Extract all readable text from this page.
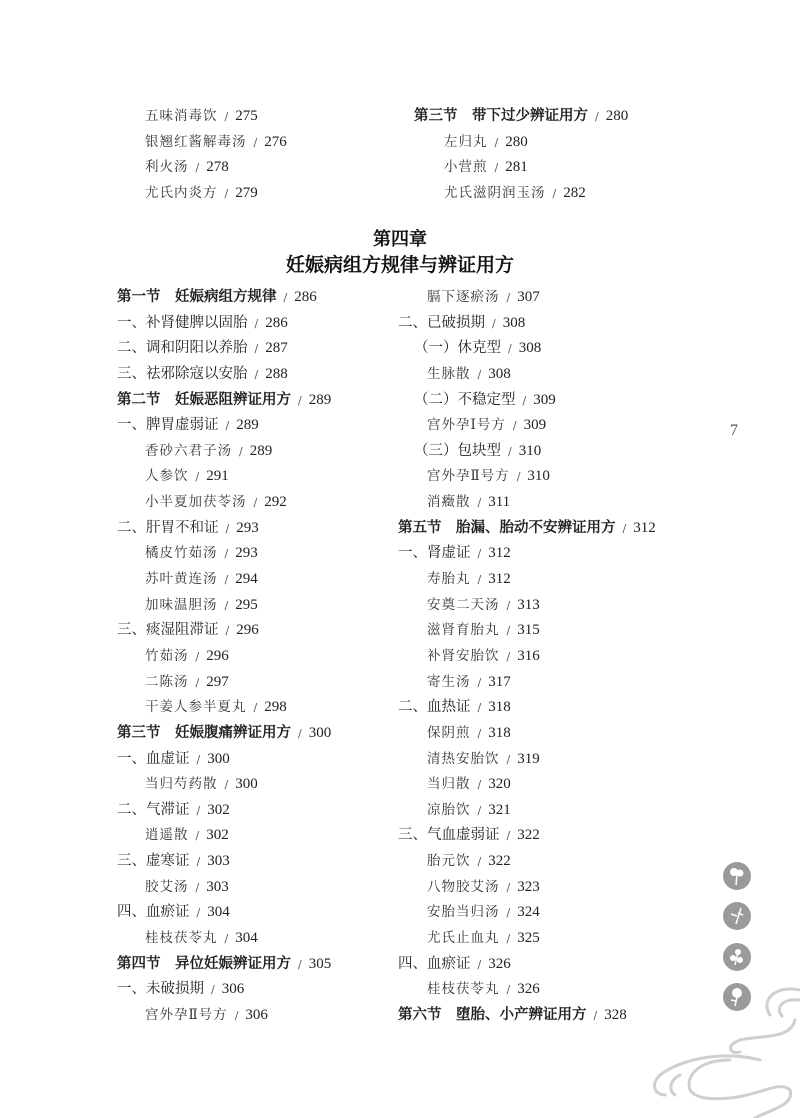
五味消毒饮 / 275
银翘红酱解毒汤 / 276
利火汤 / 278
尤氏内炎方 / 279
第三节　带下过少辨证用方 / 280
左归丸 / 280
小营煎 / 281
尤氏滋阴润玉汤 / 282
第一节　妊娠病组方规律 / 286
一、补肾健脾以固胎 / 286
二、调和阴阳以养胎 / 287
三、祛邪除寇以安胎 / 288
第二节　妊娠恶阻辨证用方 / 289
一、脾胃虚弱证 / 289
香砂六君子汤 / 289
人参饮 / 291
小半夏加茯苓汤 / 292
二、肝胃不和证 / 293
橘皮竹茹汤 / 293
苏叶黄连汤 / 294
加味温胆汤 / 295
三、痰湿阻滞证 / 296
竹茹汤 / 296
二陈汤 / 297
干姜人参半夏丸 / 298
第三节　妊娠腹痛辨证用方 / 300
一、血虚证 / 300
当归芍药散 / 300
二、气滞证 / 302
逍遥散 / 302
三、虚寒证 / 303
胶艾汤 / 303
四、血瘀证 / 304
桂枝茯苓丸 / 304
第四节　异位妊娠辨证用方 / 305
一、未破损期 / 306
宫外孕Ⅱ号方 / 306
膈下逐瘀汤 / 307
二、已破损期 / 308
（一）休克型 / 308
生脉散 / 308
（二）不稳定型 / 309
宫外孕Ⅰ号方 / 309
（三）包块型 / 310
宫外孕Ⅱ号方 / 310
消癥散 / 311
第五节　胎漏、胎动不安辨证用方 / 312
一、肾虚证 / 312
寿胎丸 / 312
安奠二天汤 / 313
滋肾育胎丸 / 315
补肾安胎饮 / 316
寄生汤 / 317
二、血热证 / 318
保阴煎 / 318
清热安胎饮 / 319
当归散 / 320
凉胎饮 / 321
三、气血虚弱证 / 322
胎元饮 / 322
八物胶艾汤 / 323
安胎当归汤 / 324
尤氏止血丸 / 325
四、血瘀证 / 326
桂枝茯苓丸 / 326
第六节　堕胎、小产辨证用方 / 328
第四章
妊娠病组方规律与辨证用方
7
